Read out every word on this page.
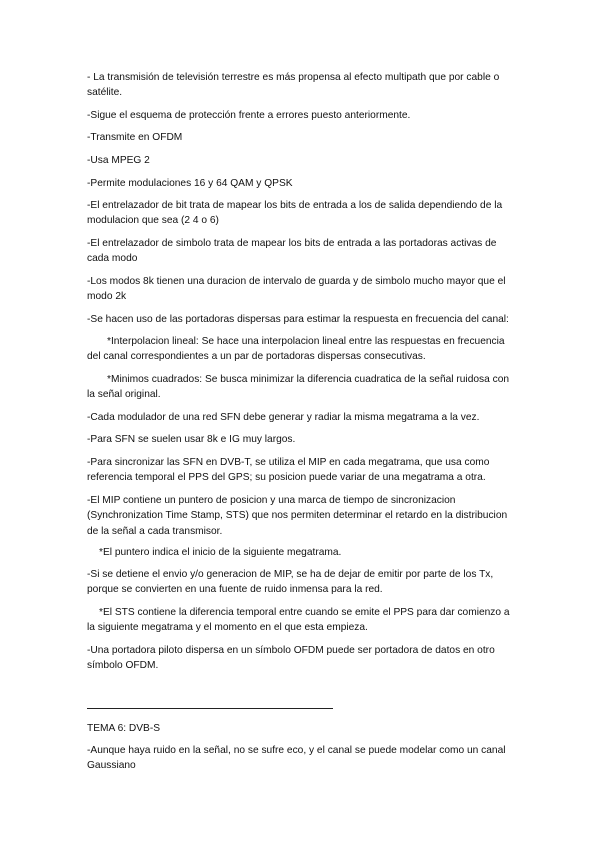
- La transmisión de televisión terrestre es más propensa al efecto multipath que por cable o satélite.

-Sigue el esquema de protección frente a errores puesto anteriormente.

-Transmite en OFDM

-Usa MPEG 2

-Permite modulaciones 16 y 64 QAM y QPSK

-El entrelazador de bit trata de mapear los bits de entrada a los de salida dependiendo de la modulacion que sea (2 4 o 6)

-El entrelazador de simbolo trata de mapear los bits de entrada a las portadoras activas de cada modo

-Los modos 8k tienen una duracion de intervalo de guarda y de simbolo mucho mayor que el modo 2k

-Se hacen uso de las portadoras dispersas para estimar la respuesta en frecuencia del canal:

*Interpolacion lineal: Se hace una interpolacion lineal entre las respuestas en frecuencia del canal correspondientes a un par de portadoras dispersas consecutivas.

*Minimos cuadrados: Se busca minimizar la diferencia cuadratica de la señal ruidosa con la señal original.

-Cada modulador de una red SFN debe generar y radiar la misma megatrama a la vez.

-Para SFN se suelen usar 8k e IG muy largos.

-Para sincronizar las SFN en DVB-T, se utiliza el MIP en cada megatrama, que usa como referencia temporal el PPS del GPS; su posicion puede variar de una megatrama a otra.

-El MIP contiene un puntero de posicion y una marca de tiempo de sincronizacion (Synchronization Time Stamp, STS) que nos permiten determinar el retardo en la distribucion de la señal a cada transmisor.

*El puntero indica el inicio de la siguiente megatrama.

-Si se detiene el envio y/o generacion de MIP, se ha de dejar de emitir por parte de los Tx, porque se convierten en una fuente de ruido inmensa para la red.

*El STS contiene la diferencia temporal entre cuando se emite el PPS para dar comienzo a la siguiente megatrama y el momento en el que esta empieza.

-Una portadora piloto dispersa en un símbolo OFDM puede ser portadora de datos en otro símbolo OFDM.

TEMA 6: DVB-S

-Aunque haya ruido en la señal, no se sufre eco, y el canal se puede modelar como un canal Gaussiano
